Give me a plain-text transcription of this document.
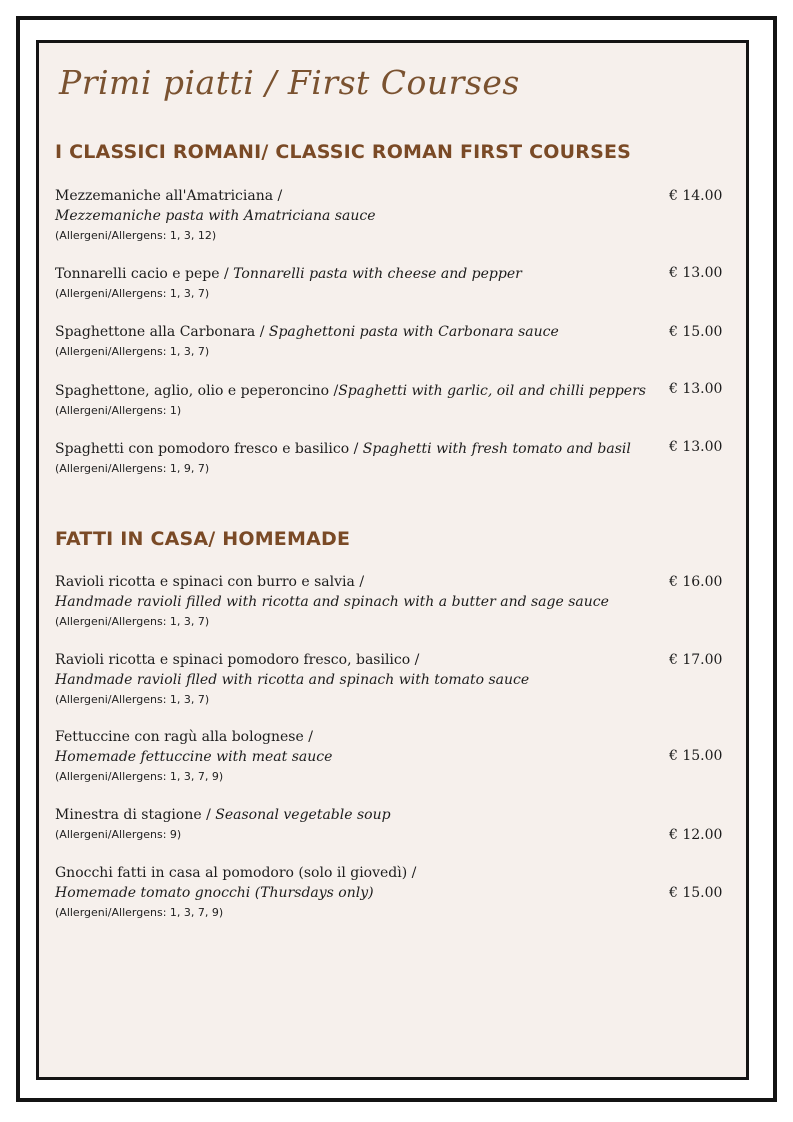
Primi piatti / First Courses
I CLASSICI ROMANI/ CLASSIC ROMAN FIRST COURSES
Mezzemaniche all'Amatriciana /
Mezzemaniche pasta with Amatriciana sauce
(Allergeni/Allergens: 1, 3, 12)
€ 14.00
Tonnarelli cacio e pepe / Tonnarelli pasta with cheese and pepper
(Allergeni/Allergens: 1, 3, 7)
€ 13.00
Spaghettone alla Carbonara / Spaghettoni pasta with Carbonara sauce
(Allergeni/Allergens: 1, 3, 7)
€ 15.00
Spaghettone, aglio, olio e peperoncino /Spaghetti with garlic, oil and chilli peppers
(Allergeni/Allergens: 1)
€ 13.00
Spaghetti con pomodoro fresco e basilico / Spaghetti with fresh tomato and basil
(Allergeni/Allergens: 1, 9, 7)
€ 13.00
FATTI IN CASA/ HOMEMADE
Ravioli ricotta e spinaci con burro e salvia /
Handmade ravioli filled with ricotta and spinach with a butter and sage sauce
(Allergeni/Allergens: 1, 3, 7)
€ 16.00
Ravioli ricotta e spinaci pomodoro fresco, basilico /
Handmade ravioli flled with ricotta and spinach with tomato sauce
(Allergeni/Allergens: 1, 3, 7)
€ 17.00
Fettuccine con ragù alla bolognese /
Homemade fettuccine with meat sauce
(Allergeni/Allergens: 1, 3, 7, 9)
€ 15.00
Minestra di stagione / Seasonal vegetable soup
(Allergeni/Allergens: 9)	€ 12.00
Gnocchi fatti in casa al pomodoro (solo il giovedì) /
Homemade tomato gnocchi (Thursdays only)
(Allergeni/Allergens: 1, 3, 7, 9)
€ 15.00
